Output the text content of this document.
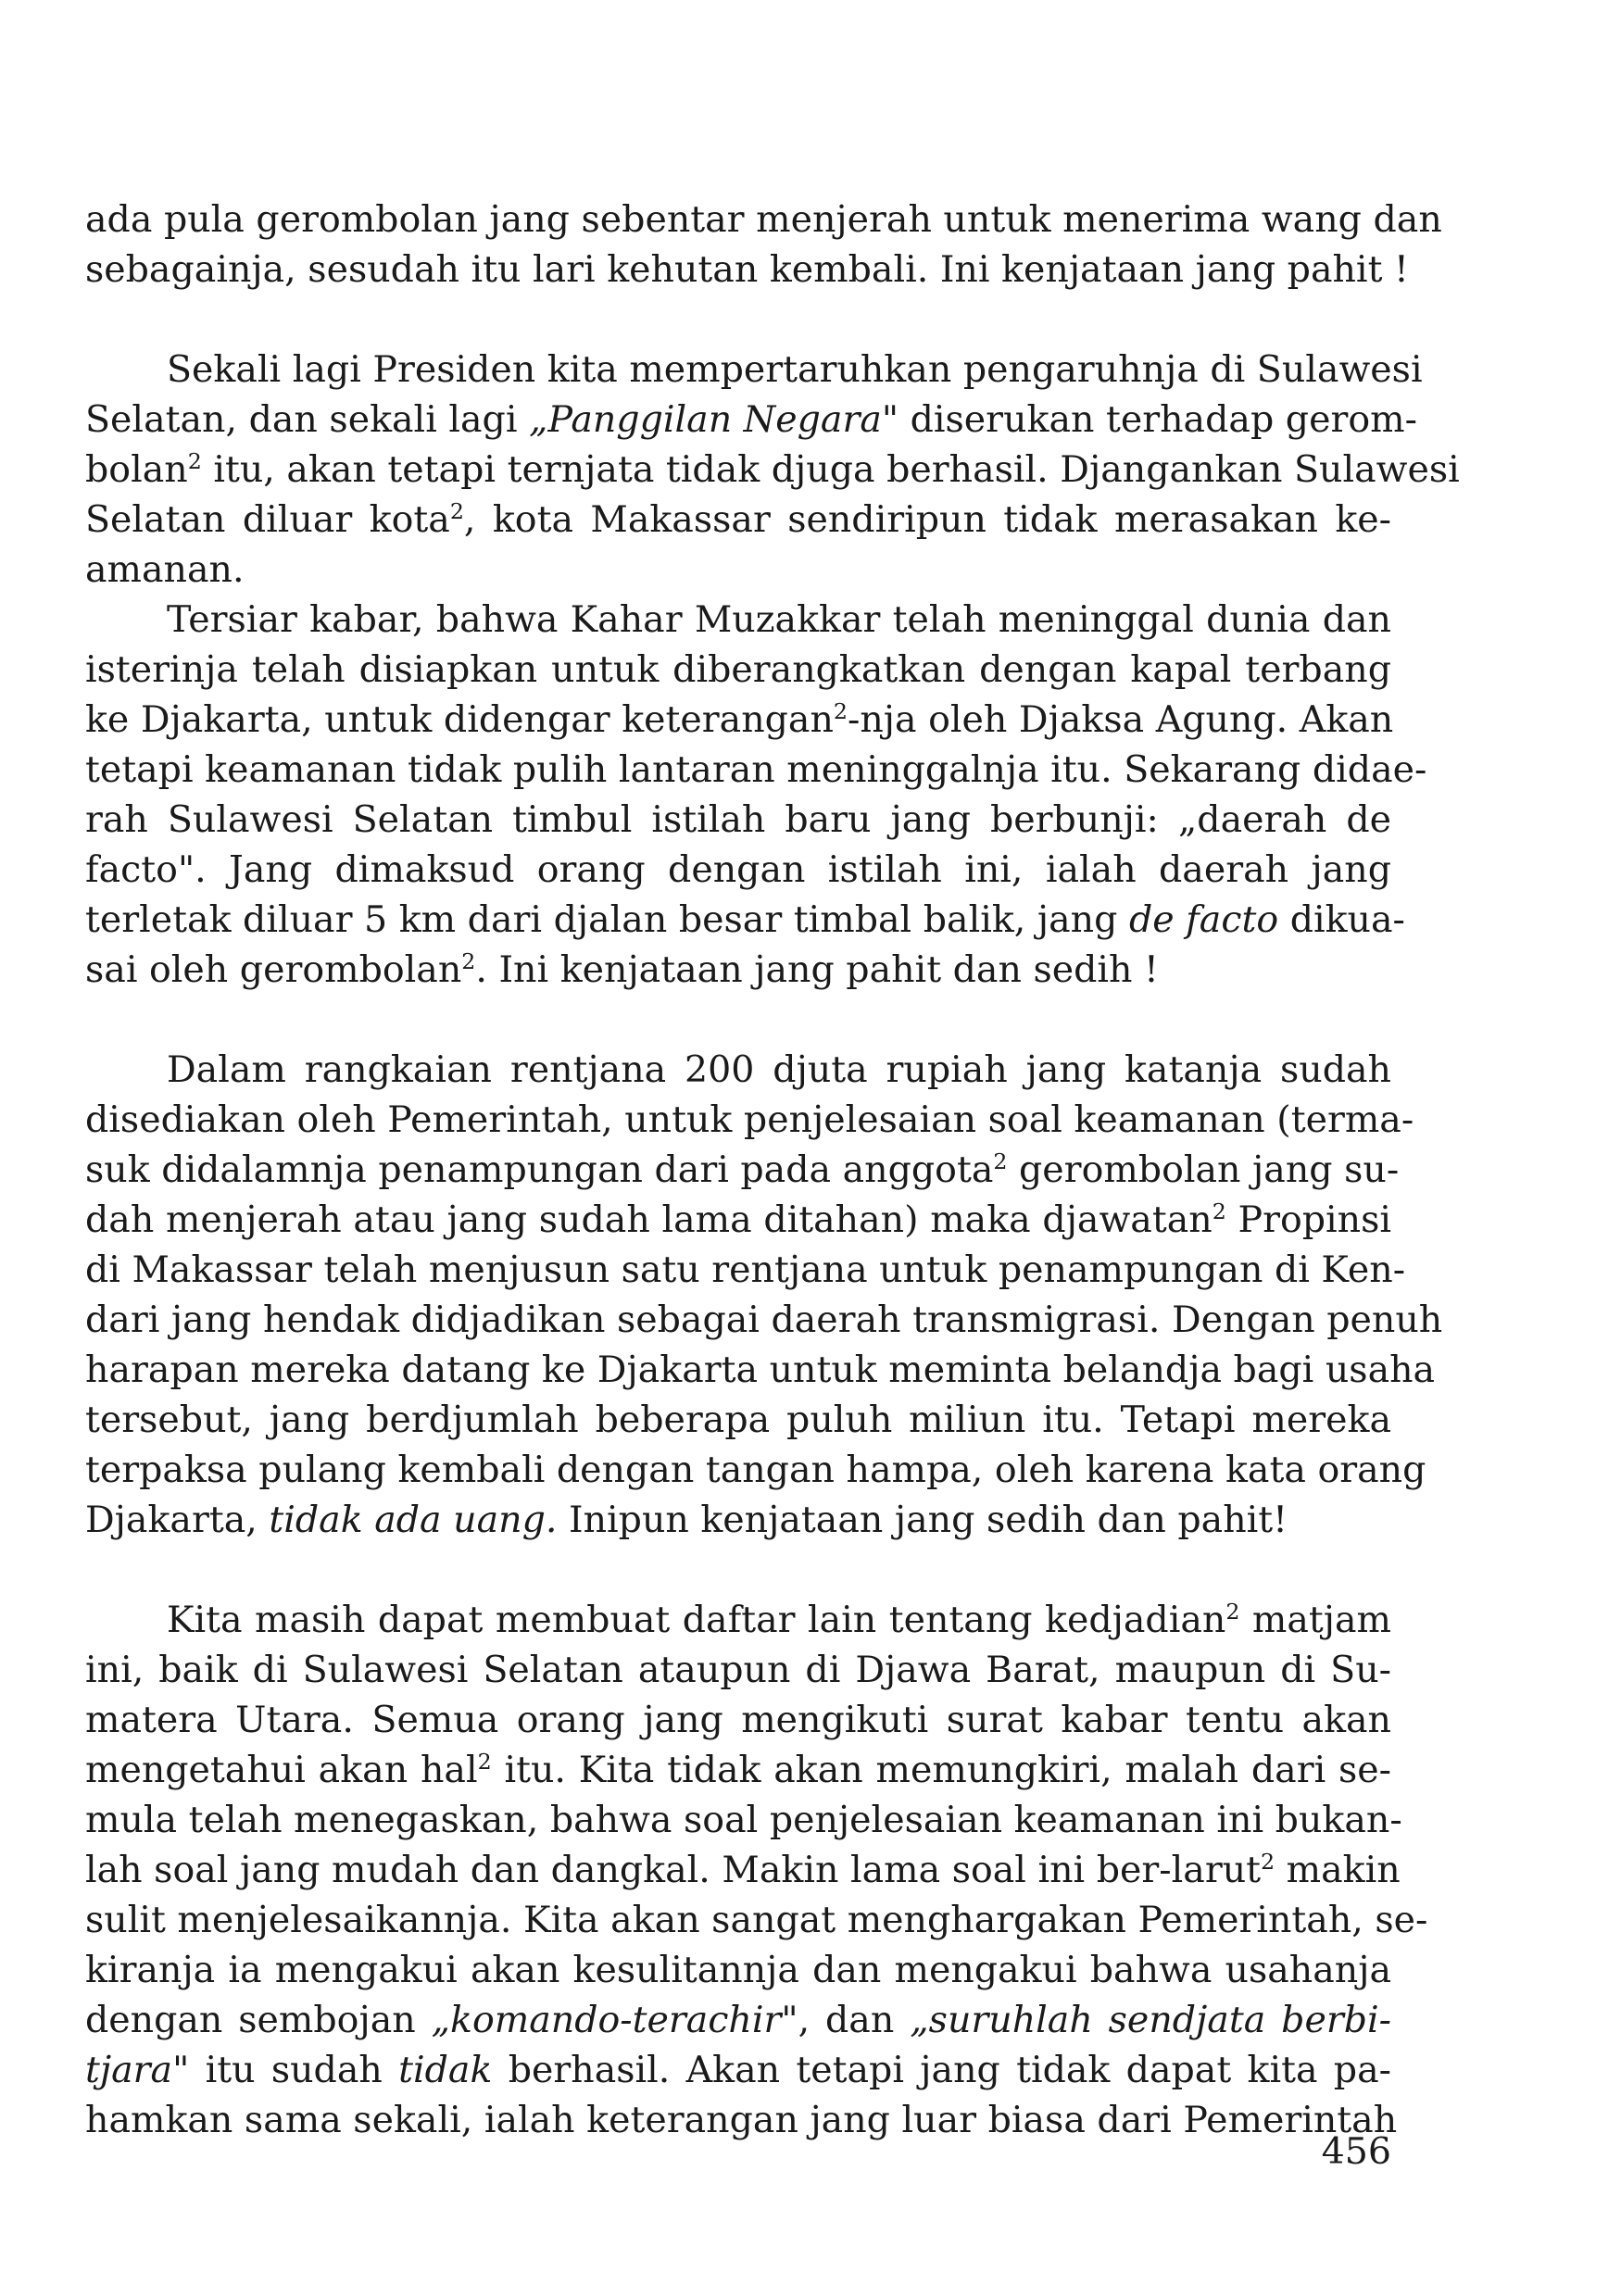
ada pula gerombolan jang sebentar menjerah untuk menerima wang dan
sebagainja, sesudah itu lari kehutan kembali. Ini kenjataan jang pahit !
Sekali lagi Presiden kita mempertaruhkan pengaruhnja di Sulawesi
Selatan, dan sekali lagi „Panggilan Negara" diserukan terhadap gerom-
bolan$^2$ itu, akan tetapi ternjata tidak djuga berhasil. Djangankan Sulawesi
Selatan diluar kota$^2$, kota Makassar sendiripun tidak merasakan ke-
amanan.
Tersiar kabar, bahwa Kahar Muzakkar telah meninggal dunia dan
isterinja telah disiapkan untuk diberangkatkan dengan kapal terbang
ke Djakarta, untuk didengar keterangan$^2$-nja oleh Djaksa Agung. Akan
tetapi keamanan tidak pulih lantaran meninggalnja itu. Sekarang didae-
rah Sulawesi Selatan timbul istilah baru jang berbunji: „daerah de
facto". Jang dimaksud orang dengan istilah ini, ialah daerah jang
terletak diluar 5 km dari djalan besar timbal balik, jang de facto dikua-
sai oleh gerombolan$^2$. Ini kenjataan jang pahit dan sedih !
Dalam rangkaian rentjana 200 djuta rupiah jang katanja sudah
disediakan oleh Pemerintah, untuk penjelesaian soal keamanan (terma-
suk didalamnja penampungan dari pada anggota$^2$ gerombolan jang su-
dah menjerah atau jang sudah lama ditahan) maka djawatan$^2$ Propinsi
di Makassar telah menjusun satu rentjana untuk penampungan di Ken-
dari jang hendak didjadikan sebagai daerah transmigrasi. Dengan penuh
harapan mereka datang ke Djakarta untuk meminta belandja bagi usaha
tersebut, jang berdjumlah beberapa puluh miliun itu. Tetapi mereka
terpaksa pulang kembali dengan tangan hampa, oleh karena kata orang
Djakarta, tidak ada uang. Inipun kenjataan jang sedih dan pahit!
Kita masih dapat membuat daftar lain tentang kedjadian$^2$ matjam
ini, baik di Sulawesi Selatan ataupun di Djawa Barat, maupun di Su-
matera Utara. Semua orang jang mengikuti surat kabar tentu akan
mengetahui akan hal$^2$ itu. Kita tidak akan memungkiri, malah dari se-
mula telah menegaskan, bahwa soal penjelesaian keamanan ini bukan-
lah soal jang mudah dan dangkal. Makin lama soal ini ber-larut$^2$ makin
sulit menjelesaikannja. Kita akan sangat menghargakan Pemerintah, se-
kiranja ia mengakui akan kesulitannja dan mengakui bahwa usahanja
dengan sembojan „komando-terachir", dan „suruhlah sendjata berbi-
tjara" itu sudah tidak berhasil. Akan tetapi jang tidak dapat kita pa-
hamkan sama sekali, ialah keterangan jang luar biasa dari Pemerintah
456
